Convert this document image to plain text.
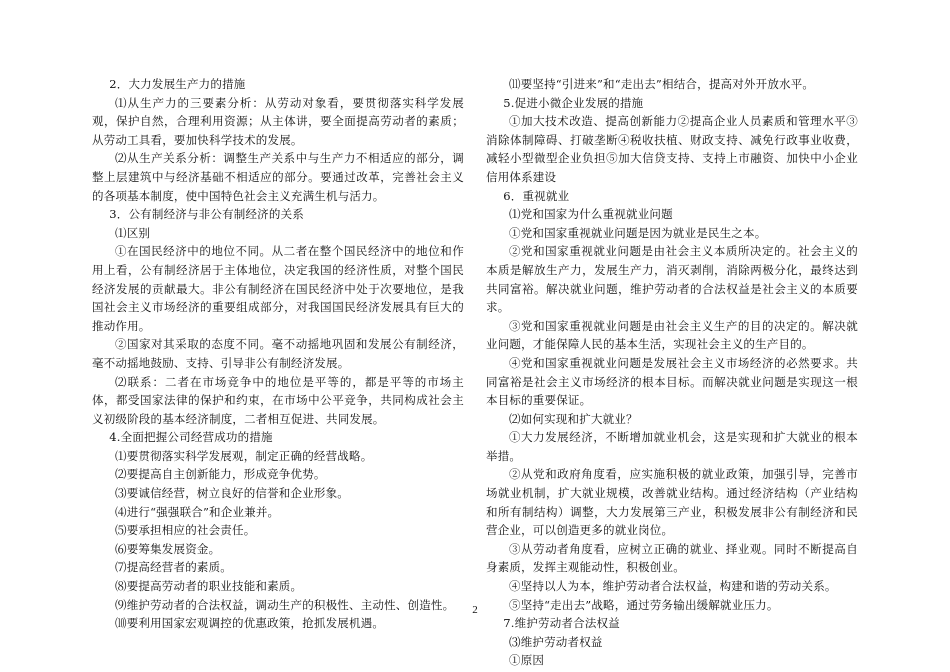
2．大力发展生产力的措施

⑴从生产力的三要素分析：从劳动对象看，要贯彻落实科学发展观，保护自然，合理利用资源；从主体讲，要全面提高劳动者的素质；从劳动工具看，要加快科学技术的发展。

⑵从生产关系分析：调整生产关系中与生产力不相适应的部分，调整上层建筑中与经济基础不相适应的部分。要通过改革，完善社会主义的各项基本制度，使中国特色社会主义充满生机与活力。

3．公有制经济与非公有制经济的关系

⑴区别

①在国民经济中的地位不同。从二者在整个国民经济中的地位和作用上看，公有制经济居于主体地位，决定我国的经济性质，对整个国民经济发展的贡献最大。非公有制经济在国民经济中处于次要地位，是我国社会主义市场经济的重要组成部分，对我国国民经济发展具有巨大的推动作用。

②国家对其采取的态度不同。毫不动摇地巩固和发展公有制经济，毫不动摇地鼓励、支持、引导非公有制经济发展。

⑵联系：二者在市场竞争中的地位是平等的，都是平等的市场主体，都受国家法律的保护和约束，在市场中公平竞争，共同构成社会主义初级阶段的基本经济制度，二者相互促进、共同发展。

4.全面把握公司经营成功的措施

⑴要贯彻落实科学发展观，制定正确的经营战略。

⑵要提高自主创新能力，形成竞争优势。

⑶要诚信经营，树立良好的信誉和企业形象。

⑷进行“强强联合”和企业兼并。

⑸要承担相应的社会责任。

⑹要筹集发展资金。

⑺提高经营者的素质。

⑻要提高劳动者的职业技能和素质。

⑼维护劳动者的合法权益，调动生产的积极性、主动性、创造性。

⑽要利用国家宏观调控的优惠政策，抢抓发展机遇。

⑾要坚持“引进来”和“走出去”相结合，提高对外开放水平。

5.促进小微企业发展的措施

①加大技术改造、提高创新能力②提高企业人员素质和管理水平③消除体制障碍、打破垄断④税收扶植、财政支持、减免行政事业收费，减轻小型微型企业负担⑤加大信贷支持、支持上市融资、加快中小企业信用体系建设

6．重视就业

⑴党和国家为什么重视就业问题

①党和国家重视就业问题是因为就业是民生之本。

②党和国家重视就业问题是由社会主义本质所决定的。社会主义的本质是解放生产力，发展生产力，消灭剥削，消除两极分化，最终达到共同富裕。解决就业问题，维护劳动者的合法权益是社会主义的本质要求。

③党和国家重视就业问题是由社会主义生产的目的决定的。解决就业问题，才能保障人民的基本生活，实现社会主义的生产目的。

④党和国家重视就业问题是发展社会主义市场经济的必然要求。共同富裕是社会主义市场经济的根本目标。而解决就业问题是实现这一根本目标的重要保证。

⑵如何实现和扩大就业？

①大力发展经济，不断增加就业机会，这是实现和扩大就业的根本举措。

②从党和政府角度看，应实施积极的就业政策，加强引导，完善市场就业机制，扩大就业规模，改善就业结构。通过经济结构（产业结构和所有制结构）调整，大力发展第三产业，积极发展非公有制经济和民营企业，可以创造更多的就业岗位。

③从劳动者角度看，应树立正确的就业、择业观。同时不断提高自身素质，发挥主观能动性，积极创业。

④坚持以人为本，维护劳动者合法权益，构建和谐的劳动关系。

⑤坚持“走出去”战略，通过劳务输出缓解就业压力。

7.维护劳动者合法权益

⑶维护劳动者权益

①原因

2
